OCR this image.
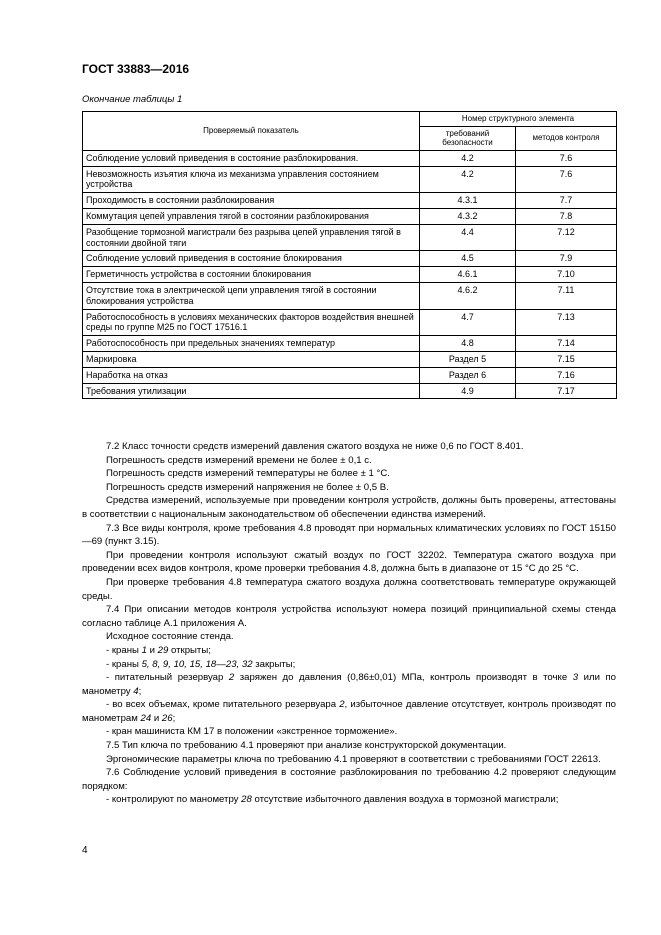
ГОСТ 33883—2016
Окончание таблицы 1
Проверяемый показатель	Номер структурного элемента	
	требований безопасности	методов контроля
Соблюдение условий приведения в состояние разблокирования.	4.2	7.6
Невозможность изъятия ключа из механизма управления состоянием устройства	4.2	7.6
Проходимость в состоянии разблокирования	4.3.1	7.7
Коммутация цепей управления тягой в состоянии разблокирования	4.3.2	7.8
Разобщение тормозной магистрали без разрыва цепей управления тягой в состоянии двойной тяги	4.4	7.12
Соблюдение условий приведения в состояние блокирования	4.5	7.9
Герметичность устройства в состоянии блокирования	4.6.1	7.10
Отсутствие тока в электрической цепи управления тягой в состоянии блокирования устройства	4.6.2	7.11
Работоспособность в условиях механических факторов воздействия внешней среды по группе М25 по ГОСТ 17516.1	4.7	7.13
Работоспособность при предельных значениях температур	4.8	7.14
Маркировка	Раздел 5	7.15
Наработка на отказ	Раздел 6	7.16
Требования утилизации	4.9	7.17

7.2 Класс точности средств измерений давления сжатого воздуха не ниже 0,6 по ГОСТ 8.401.

Погрешность средств измерений времени не более ± 0,1 с.

Погрешность средств измерений температуры не более ± 1 °С.

Погрешность средств измерений напряжения не более ± 0,5 В.

Средства измерений, используемые при проведении контроля устройств, должны быть проверены, аттестованы в соответствии с национальным законодательством об обеспечении единства измерений.

7.3 Все виды контроля, кроме требования 4.8 проводят при нормальных климатических условиях по ГОСТ 15150—69 (пункт 3.15).

При проведении контроля используют сжатый воздух по ГОСТ 32202. Температура сжатого воздуха при проведении всех видов контроля, кроме проверки требования 4.8, должна быть в диапазоне от 15 °С до 25 °С.

При проверке требования 4.8 температура сжатого воздуха должна соответствовать температуре окружающей среды.

7.4 При описании методов контроля устройства используют номера позиций принципиальной схемы стенда согласно таблице А.1 приложения А.

Исходное состояние стенда.

- краны 1 и 29 открыты;

- краны 5, 8, 9, 10, 15, 18—23, 32 закрыты;

- питательный резервуар 2 заряжен до давления (0,86±0,01) МПа, контроль производят в точке 3 или по манометру 4;

- во всех объемах, кроме питательного резервуара 2, избыточное давление отсутствует, контроль производят по манометрам 24 и 26;

- кран машиниста КМ 17 в положении «экстренное торможение».

7.5 Тип ключа по требованию 4.1 проверяют при анализе конструкторской документации.

Эргономические параметры ключа по требованию 4.1 проверяют в соответствии с требованиями ГОСТ 22613.

7.6 Соблюдение условий приведения в состояние разблокирования по требованию 4.2 проверяют следующим порядком:

- контролируют по манометру 28 отсутствие избыточного давления воздуха в тормозной магистрали;

4
